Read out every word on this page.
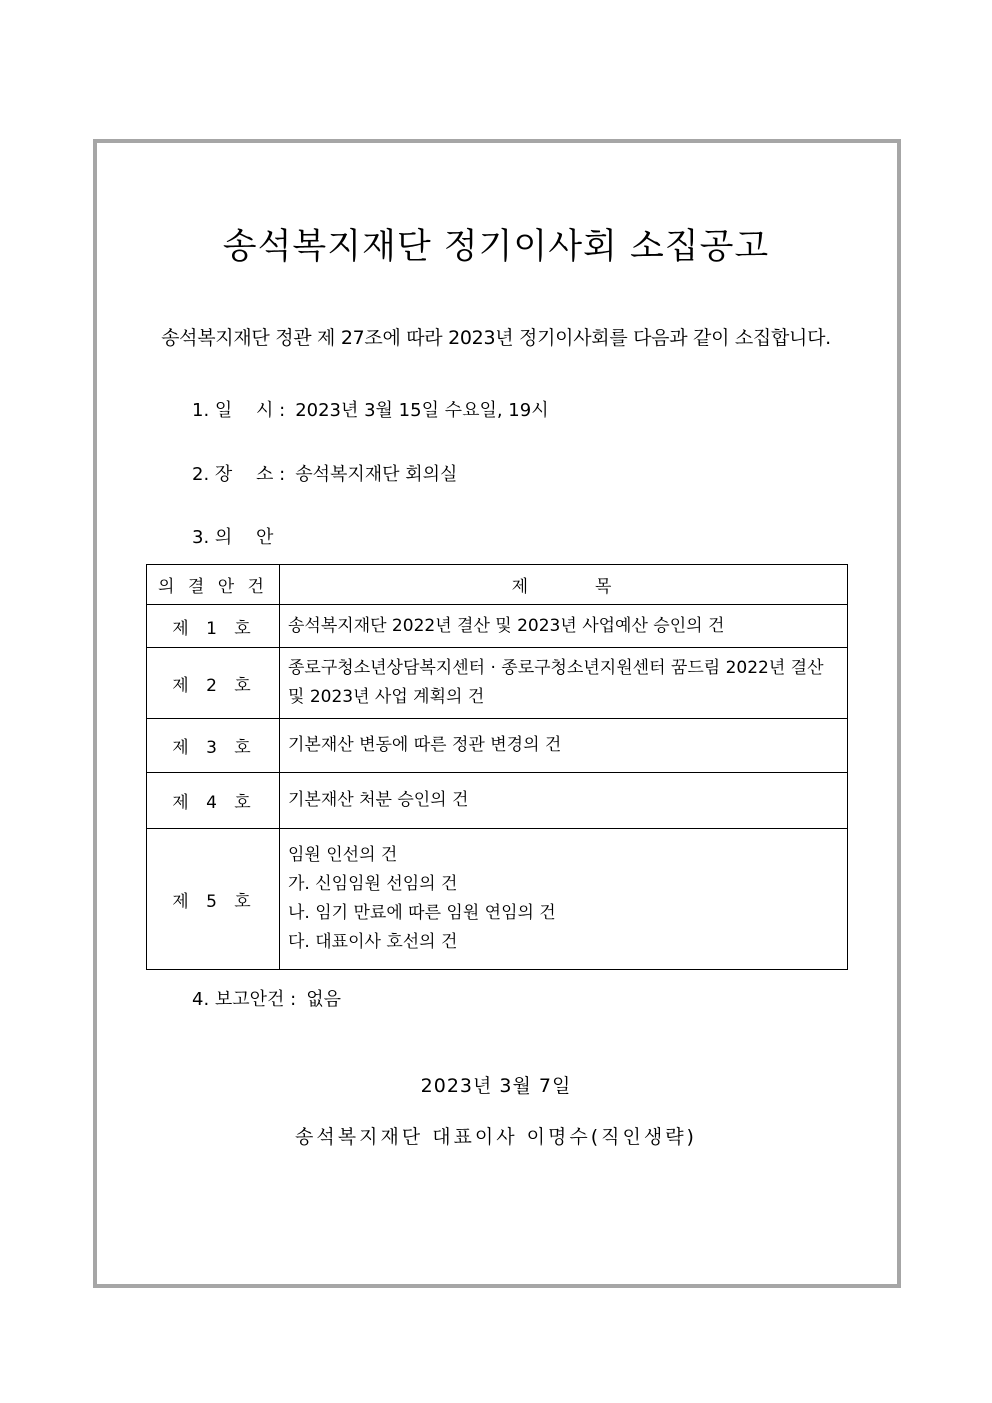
송석복지재단 정기이사회 소집공고
송석복지재단 정관 제 27조에 따라 2023년 정기이사회를 다음과 같이 소집합니다.
1. 일　 시 : 2023년 3월 15일 수요일, 19시
2. 장　 소 : 송석복지재단 회의실
3. 의　 안
의 결 안 건	제　　　목
제 1 호	송석복지재단 2022년 결산 및 2023년 사업예산 승인의 건

제 2 호	종로구청소년상담복지센터 · 종로구청소년지원센터 꿈드림 2022년 결산
및 2023년 사업 계획의 건

제 3 호	기본재산 변동에 따른 정관 변경의 건

제 4 호	기본재산 처분 승인의 건

제 5 호	임원 인선의 건
가. 신임임원 선임의 건
나. 임기 만료에 따른 임원 연임의 건
다. 대표이사 호선의 건
4. 보고안건 : 없음
2023년 3월 7일
송석복지재단 대표이사 이명수(직인생략)
